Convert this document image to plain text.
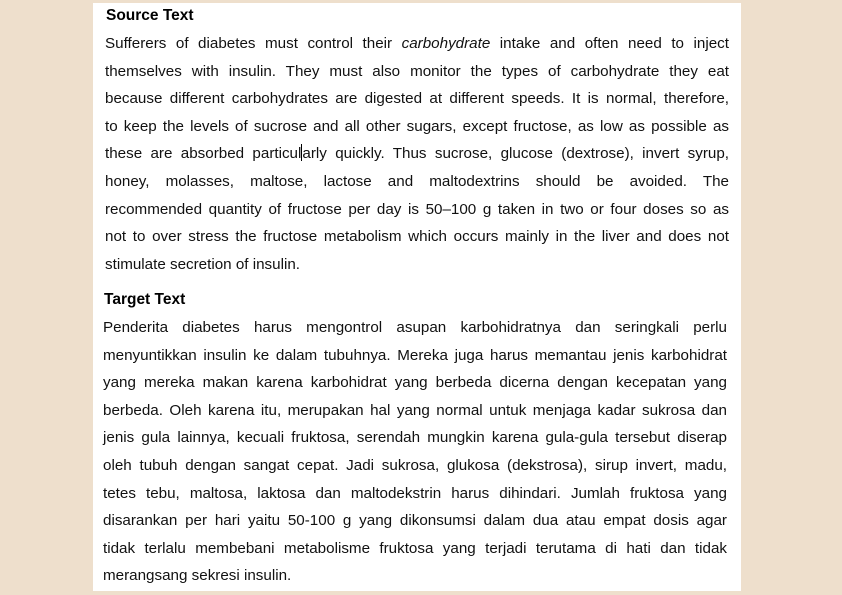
Source Text
Sufferers of diabetes must control their carbohydrate intake and often need to inject
themselves with insulin. They must also monitor the types of carbohydrate they eat
because different carbohydrates are digested at different speeds. It is normal, therefore,
to keep the levels of sucrose and all other sugars, except fructose, as low as possible as
these are absorbed particularly quickly. Thus sucrose, glucose (dextrose), invert syrup,
honey, molasses, maltose, lactose and maltodextrins should be avoided. The
recommended quantity of fructose per day is 50–100 g taken in two or four doses so as
not to over stress the fructose metabolism which occurs mainly in the liver and does not
stimulate secretion of insulin.
Target Text
Penderita diabetes harus mengontrol asupan karbohidratnya dan seringkali perlu
menyuntikkan insulin ke dalam tubuhnya. Mereka juga harus memantau jenis karbohidrat
yang mereka makan karena karbohidrat yang berbeda dicerna dengan kecepatan yang
berbeda. Oleh karena itu, merupakan hal yang normal untuk menjaga kadar sukrosa dan
jenis gula lainnya, kecuali fruktosa, serendah mungkin karena gula-gula tersebut diserap
oleh tubuh dengan sangat cepat. Jadi sukrosa, glukosa (dekstrosa), sirup invert, madu,
tetes tebu, maltosa, laktosa dan maltodekstrin harus dihindari. Jumlah fruktosa yang
disarankan per hari yaitu 50-100 g yang dikonsumsi dalam dua atau empat dosis agar
tidak terlalu membebani metabolisme fruktosa yang terjadi terutama di hati dan tidak
merangsang sekresi insulin.
